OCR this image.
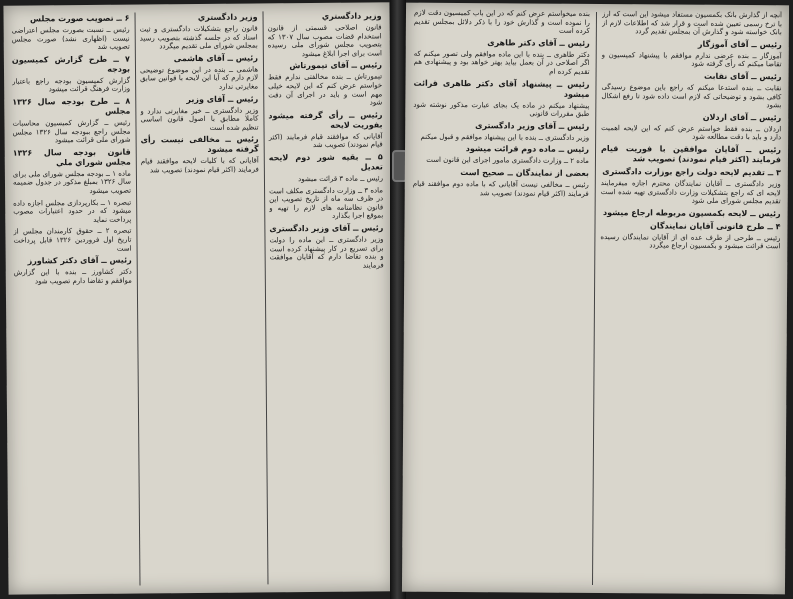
۶ ــ تصویب صورت مجلس
رئيس ــ نسبت بصورت مجلس اعتراضی نیست (اظهاری نشد) صورت مجلس تصویب شد
۷ ــ طرح گزارش کمیسیون بودجه
گزارش کمیسیون بودجه راجع باعتبار وزارت فرهنگ قرائت میشود
۸ ــ طرح بودجه سال ۱۳۲۶ مجلس
رئيس ــ گزارش کمیسیون محاسبات مجلس راجع ببودجه سال ۱۳۲۶ مجلس شورای ملی قرائت میشود
قانون بودجه سال ۱۳۲۶ مجلس شوراي ملي
ماده ۱ ــ بودجه مجلس شورای ملی برای سال ۱۳۲۶ بمبلغ مذکور در جدول ضمیمه تصویب میشود
تبصره ۱ ــ بکارپردازی مجلس اجازه داده میشود که در حدود اعتبارات مصوب پرداخت نماید
تبصره ۲ ــ حقوق کارمندان مجلس از تاریخ اول فروردین ۱۳۲۶ قابل پرداخت است
رئيس ــ آقای دکتر کشاورز
دکتر کشاورز ــ بنده با این گزارش موافقم و تقاضا دارم تصویب شود
وزير دادگستري
قانون راجع بتشکیلات دادگستری و ثبت اسناد که در جلسه گذشته بتصویب رسید بمجلس شورای ملی تقدیم میگردد
رئيس ــ آقای هاشمی
هاشمی ــ بنده در این موضوع توضیحی لازم دارم که آیا این لایحه با قوانین سابق مغایرتی ندارد
رئيس ــ آقای وزیر
وزیر دادگستری ــ خیر مغایرتی ندارد و کاملا مطابق با اصول قانون اساسی تنظیم شده است
رئيس ــ مخالفی نیست رأی گرفته میشود
آقایانی که با کلیات لایحه موافقند قیام فرمایند (اکثر قیام نمودند) تصویب شد
وزير دادگستري
قانون اصلاحی قسمتی از قانون استخدام قضات مصوب سال ۱۳۰۷ که بتصویب مجلس شورای ملی رسیده است برای اجرا ابلاغ میشود
رئيس ــ آقای تیمورتاش
تیمورتاش ــ بنده مخالفتی ندارم فقط خواستم عرض کنم که این لایحه خیلی مهم است و باید در اجرای آن دقت شود
رئيس ــ رأی گرفته میشود بفوريت لايحه
آقایانی که موافقند قیام فرمایند (اکثر قیام نمودند) تصویب شد
۵ ــ بقیه شور دوم لایحه تعدیل
رئيس ــ ماده ۳ قرائت میشود
ماده ۳ ــ وزارت دادگستری مکلف است در ظرف سه ماه از تاریخ تصویب این قانون نظامنامه های لازم را تهیه و بموقع اجرا بگذارد
رئيس ــ آقای وزیر دادگستری
وزیر دادگستری ــ این ماده را دولت برای تسریع در کار پیشنهاد کرده است و بنده تقاضا دارم که آقایان موافقت فرمایند
بنده میخواستم عرض کنم که در این باب کمیسیون دقت لازم را نموده است و گذارش خود را با ذکر دلائل بمجلس تقدیم کرده است
رئيس ــ آقاى دکتر طاهری
دکتر طاهری ــ بنده با این ماده موافقم ولی تصور میکنم که اگر اصلاحی در آن بعمل بیاید بهتر خواهد بود و پیشنهادی هم تقدیم کرده ام
رئيس ــ پیشنهاد آقای دکتر طاهری قرائت میشود
پیشنهاد میکنم در ماده یک بجای عبارت مذکور نوشته شود طبق مقررات قانونی
رئيس ــ آقای وزیر دادگستری
وزیر دادگستری ــ بنده با این پیشنهاد موافقم و قبول میکنم
رئيس ــ ماده دوم قرائت میشود
ماده ۲ ــ وزارت دادگستری مامور اجرای این قانون است
بعضی از نمایندگان ــ صحیح است
رئيس ــ مخالفی نیست آقایانی که با ماده دوم موافقند قیام فرمایند (اکثر قیام نمودند) تصویب شد
آنچه از گذارش بانک بکمسیون مستفاد میشود این است که ارز با ترخ رسمی تعیین شده است و قرار شد که اطلاعات لازم از بانک خواسته شود و گذارش آن بمجلس تقدیم گردد
رئيس ــ آقاى آموزگار
آموزگار ــ بنده عرضی ندارم موافقم با پیشنهاد کمیسیون و تقاضا میکنم که رأی گرفته شود
رئيس ــ آقای نقابت
نقابت ــ بنده استدعا میکنم که راجع باین موضوع رسیدگی کافی بشود و توضیحاتی که لازم است داده شود تا رفع اشکال بشود
رئيس ــ آقای اردلان
اردلان ــ بنده فقط خواستم عرض کنم که این لایحه اهمیت دارد و باید با دقت مطالعه شود
رئيس ــ آقايان موافقين با فوريت قيام فرمايند (اكثر قيام نمودند) تصويب شد
٣ ــ تقدیم لایحه دولت راجع بوزارت دادگستری
وزیر دادگستری ــ آقایان نمایندگان محترم اجازه میفرمایند لایحه ای که راجع بتشکیلات وزارت دادگستری تهیه شده است تقدیم مجلس شورای ملی شود
رئيس ــ لایحه بکمسیون مربوطه ارجاع میشود
۴ ــ طرح قانونی آقایان نمایندگان
رئيس ــ طرحی از طرف عده ای از آقایان نمایندگان رسیده است قرائت میشود و بکمسیون ارجاع میگردد
